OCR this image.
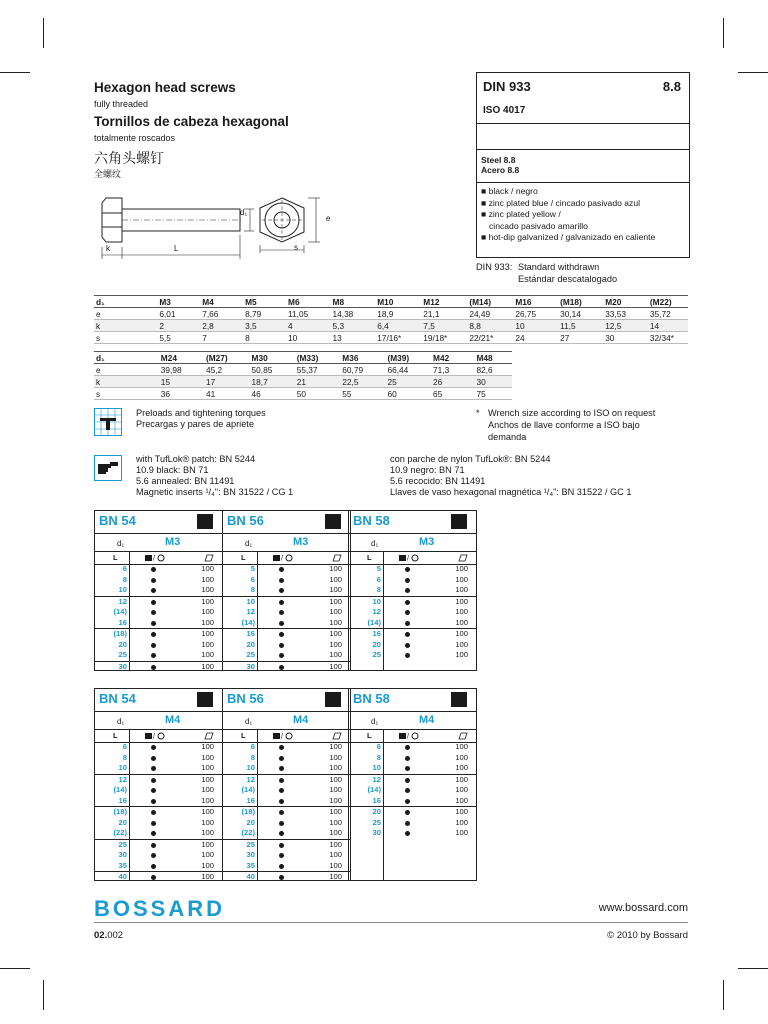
Hexagon head screws
fully threaded
Tornillos de cabeza hexagonal
totalmente roscados
六角头螺钉
全螺纹
k	L
d₁
s
e
DIN 933	8.8
ISO 4017
Steel 8.8
Acero 8.8
■ black / negro
■ zinc plated blue / cincado pasivado azul
■ zinc plated yellow /
cincado pasivado amarillo
■ hot-dip galvanized / galvanizado en caliente
DIN 933: Standard withdrawn
Estándar descatalogado
d₁	M3	M4	M5	M6	M8	M10	M12	(M14)	M16	(M18)	M20	(M22)
e	6,01	7,66	8,79	11,05	14,38	18,9	21,1	24,49	26,75	30,14	33,53	35,72
k	2	2,8	3,5	4	5,3	6,4	7,5	8,8	10	11,5	12,5	14
s	5,5	7	8	10	13	17/16*	19/18*	22/21*	24	27	30	32/34*
d₁	M24	(M27)	M30	(M33)	M36	(M39)	M42	M48
e	39,98	45,2	50,85	55,37	60,79	66,44	71,3	82,6
k	15	17	18,7	21	22,5	25	26	30
s	36	41	46	50	55	60	65	75
Preloads and tightening torques
Precargas y pares de apriete
* Wrench size according to ISO on request
Anchos de llave conforme a ISO bajo
demanda
with TufLok® patch: BN 5244
10.9 black: BN 71
5.6 annealed: BN 11491
Magnetic inserts ¹/₄": BN 31522 / CG 1
con parche de nylon TufLok®: BN 5244
10.9 negro: BN 71
5.6 recocido: BN 11491
Llaves de vaso hexagonal magnética ¹/₄": BN 31522 / GC 1
BN 54
d₁	M3
L	/
6	100
8	100
10	100
12	100
(14)	100
16	100
(18)	100
20	100
25	100
30	100
BN 56
d₁	M3
L	/
5	100
6	100
8	100
10	100
12	100
(14)	100
16	100
20	100
25	100
30	100
BN 58
d₁	M3
L	/
5	100
6	100
8	100
10	100
12	100
(14)	100
16	100
20	100
25	100
BN 54
d₁	M4
L	/
6	100
8	100
10	100
12	100
(14)	100
16	100
(18)	100
20	100
(22)	100
25	100
30	100
35	100
40	100
BN 56
d₁	M4
L	/
6	100
8	100
10	100
12	100
(14)	100
16	100
(18)	100
20	100
(22)	100
25	100
30	100
35	100
40	100
BN 58
d₁	M4
L	/
6	100
8	100
10	100
12	100
(14)	100
16	100
20	100
25	100
30	100
BOSSARD	www.bossard.com
02.002	© 2010 by Bossard
